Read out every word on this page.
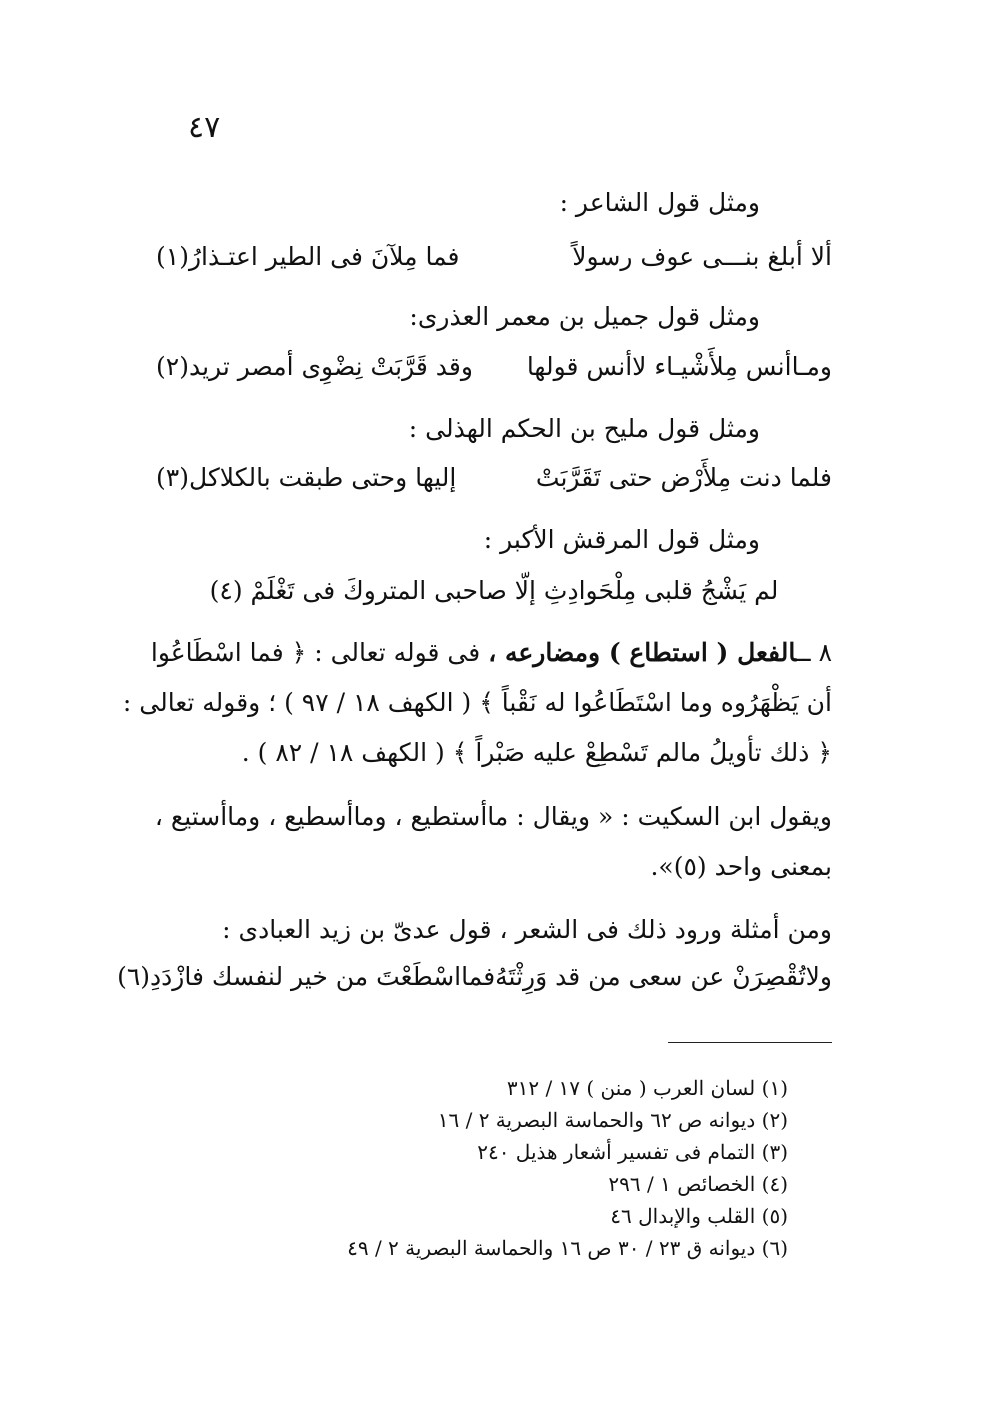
٤٧
ومثل قول الشاعر :
ألا أبلغ بنـــى عوف رسولاً
فما مِلآنَ فى الطير اعتـذارُ(١)
ومثل قول جميل بن معمر العذرى:
ومـاأنس مِلأَشْيـاء لاأنس قولها
وقد قَرَّبَتْ نِضْوِى أمصر تريد(٢)
ومثل قول مليح بن الحكم الهذلى :
فلما دنت مِلأَرْض حتى تَقَرَّبَتْ
إليها وحتى طبقت بالكلاكل(٣)
ومثل قول المرقش الأكبر :
لم يَشْجُ قلبى مِلْحَوادِثِ إلّا صاحبى المتروكَ فى تَغْلَمْ (٤)
٨ ــالفعل ( استطاع ) ومضارعه ، فى قوله تعالى : ﴿ فما اسْطَاعُوا
أن يَظْهَرُوه وما اسْتَطَاعُوا له نَقْباً ﴾ ( الكهف ١٨ / ٩٧ ) ؛ وقوله تعالى :
﴿ ذلك تأويلُ مالم تَسْطِعْ عليه صَبْراً ﴾ ( الكهف ١٨ / ٨٢ ) .
ويقول ابن السكيت : « ويقال : ماأستطيع ، وماأسطيع ، وماأستيع ،
بمعنى واحد (٥)».
ومن أمثلة ورود ذلك فى الشعر ، قول عدىّ بن زيد العبادى :
ولاتُقْصِرَنْ عن سعى من قد وَرِثْتَهُ
فمااسْطَعْتَ من خير لنفسك فازْدَدِ(٦)
(١) لسان العرب ( منن ) ١٧ / ٣١٢
(٢) ديوانه ص ٦٢ والحماسة البصرية ٢ / ١٦
(٣) التمام فى تفسير أشعار هذيل ٢٤٠
(٤) الخصائص ١ / ٢٩٦
(٥) القلب والإبدال ٤٦
(٦) ديوانه ق ٢٣ / ٣٠ ص ١٦ والحماسة البصرية ٢ / ٤٩
